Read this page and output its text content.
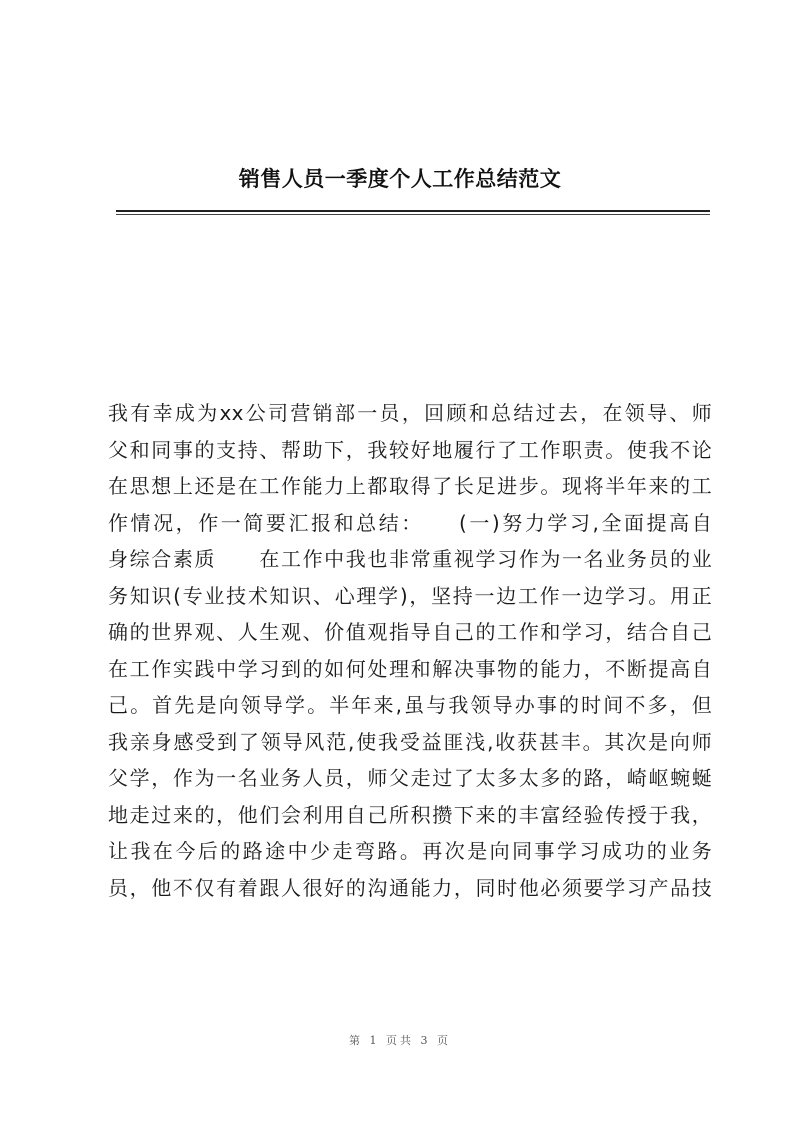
销售人员一季度个人工作总结范文
我有幸成为xx公司营销部一员，回顾和总结过去，在领导、师
父和同事的支持、帮助下，我较好地履行了工作职责。使我不论
在思想上还是在工作能力上都取得了长足进步。现将半年来的工
作情况，作一简要汇报和总结：　　(一)努力学习,全面提高自
身综合素质　　在工作中我也非常重视学习作为一名业务员的业
务知识(专业技术知识、心理学)，坚持一边工作一边学习。用正
确的世界观、人生观、价值观指导自己的工作和学习，结合自己
在工作实践中学习到的如何处理和解决事物的能力，不断提高自
己。首先是向领导学。半年来,虽与我领导办事的时间不多，但
我亲身感受到了领导风范,使我受益匪浅,收获甚丰。其次是向师
父学，作为一名业务人员，师父走过了太多太多的路，崎岖蜿蜒
地走过来的，他们会利用自己所积攒下来的丰富经验传授于我，
让我在今后的路途中少走弯路。再次是向同事学习成功的业务
员，他不仅有着跟人很好的沟通能力，同时他必须要学习产品技
第 1 页共 3 页
